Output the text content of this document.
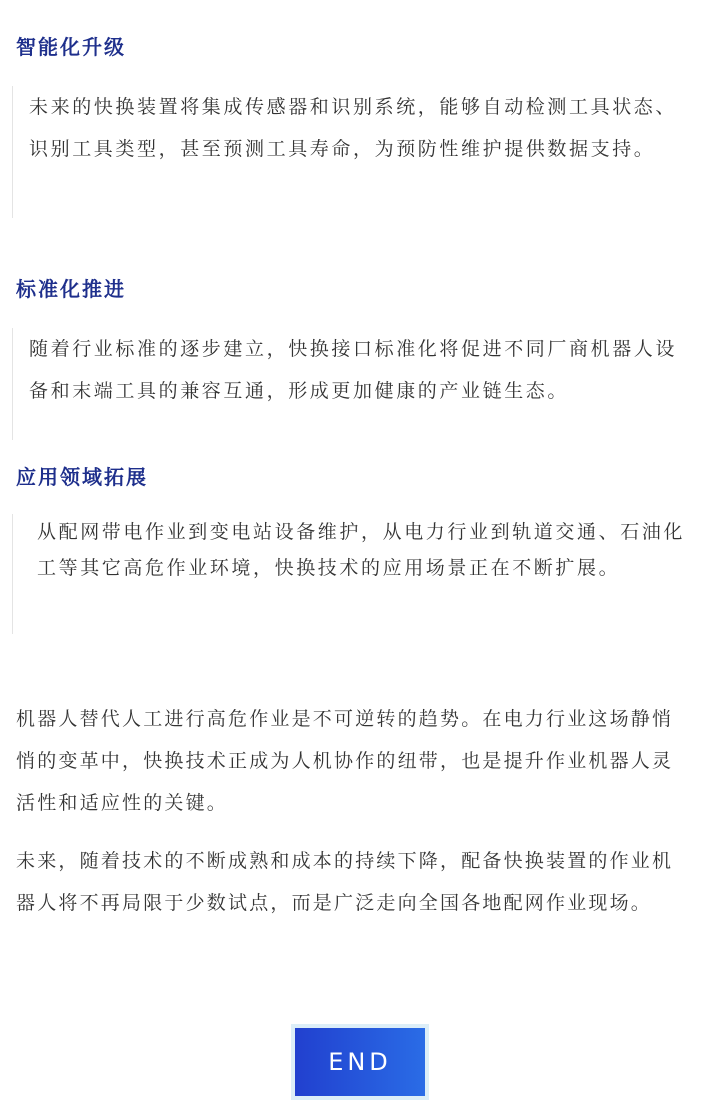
智能化升级

未来的快换装置将集成传感器和识别系统，能够自动检测工具状态、识别工具类型，甚至预测工具寿命，为预防性维护提供数据支持。

标准化推进

随着行业标准的逐步建立，快换接口标准化将促进不同厂商机器人设备和末端工具的兼容互通，形成更加健康的产业链生态。

应用领域拓展

从配网带电作业到变电站设备维护，从电力行业到轨道交通、石油化工等其它高危作业环境，快换技术的应用场景正在不断扩展。

机器人替代人工进行高危作业是不可逆转的趋势。在电力行业这场静悄悄的变革中，快换技术正成为人机协作的纽带，也是提升作业机器人灵活性和适应性的关键。

未来，随着技术的不断成熟和成本的持续下降，配备快换装置的作业机器人将不再局限于少数试点，而是广泛走向全国各地配网作业现场。

END
